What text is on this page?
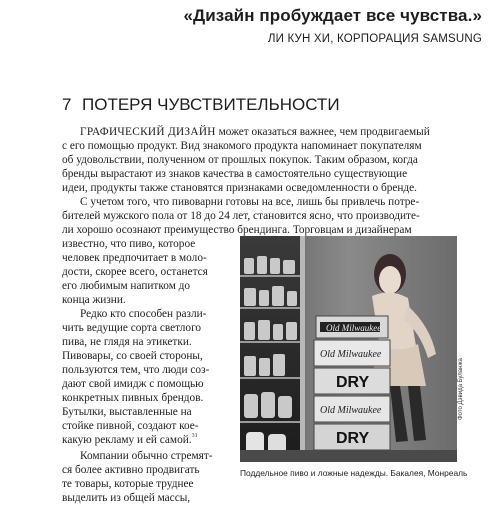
«Дизайн пробуждает все чувства.»
ЛИ КУН ХИ, КОРПОРАЦИЯ SAMSUNG
7 ПОТЕРЯ ЧУВСТВИТЕЛЬНОСТИ
ГРАФИЧЕСКИЙ ДИЗАЙН может оказаться важнее, чем продвигаемый
с его помощью продукт. Вид знакомого продукта напоминает покупателям
об удовольствии, полученном от прошлых покупок. Таким образом, когда
бренды вырастают из знаков качества в самостоятельно существующие
идеи, продукты также становятся признаками осведомленности о бренде.
С учетом того, что пивоварни готовы на все, лишь бы привлечь потре-
бителей мужского пола от 18 до 24 лет, становится ясно, что производите-
ли хорошо осознают преимущество брендинга. Торговцам и дизайнерам
известно, что пиво, которое
человек предпочитает в моло-
дости, скорее всего, останется
его любимым напитком до
конца жизни.
Редко кто способен разли-
чить ведущие сорта светлого
пива, не глядя на этикетки.
Пивовары, со своей стороны,
пользуются тем, что люди соз-
дают свой имидж с помощью
конкретных пивных брендов.
Бутылки, выставленные на
стойке пивной, создают кое-
какую рекламу и ей самой.$^{31}$
Компании обычно стремят-
ся более активно продвигать
те товары, которые труднее
выделить из общей массы,
Old Milwaukee
Old Milwaukee
DRY
Old Milwaukee
DRY
Фото Дэвида Буланжа
Поддельное пиво и ложные надежды. Бакалея, Монреаль
